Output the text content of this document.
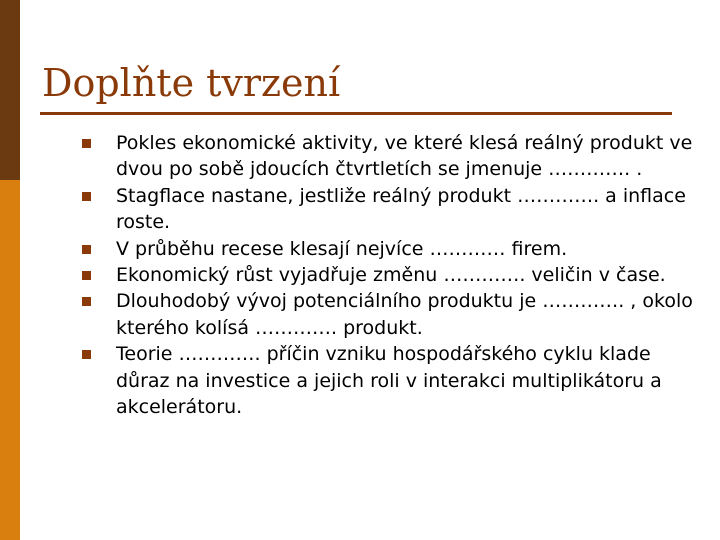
Doplňte tvrzení
Pokles ekonomické aktivity, ve které klesá reálný produkt ve dvou po sobě jdoucích čtvrtletích se jmenuje …………. .
Stagflace nastane, jestliže reálný produkt …………. a inflace roste.
V průběhu recese klesají nejvíce ………… firem.
Ekonomický růst vyjadřuje změnu …………. veličin v čase.
Dlouhodobý vývoj potenciálního produktu je …………. , okolo kterého kolísá …………. produkt.
Teorie …………. příčin vzniku hospodářského cyklu klade důraz na investice a jejich roli v interakci multiplikátoru a akcelerátoru.
